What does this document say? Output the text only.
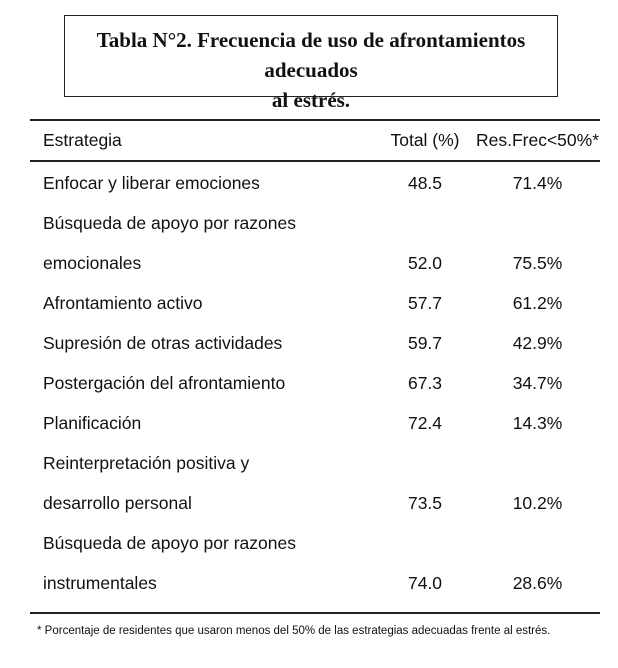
Tabla N°2. Frecuencia de uso de afrontamientos adecuados
al estrés.
Estrategia	Total (%) Res.Frec<50%*
Enfocar y liberar emociones	48.5	71.4%
Búsqueda de apoyo por razones
emocionales	52.0	75.5%
Afrontamiento activo	57.7	61.2%
Supresión de otras actividades	59.7	42.9%
Postergación del afrontamiento	67.3	34.7%
Planificación	72.4	14.3%
Reinterpretación positiva y
desarrollo personal	73.5	10.2%
Búsqueda de apoyo por razones
instrumentales	74.0	28.6%
* Porcentaje de residentes que usaron menos del 50% de las estrategias adecuadas frente al estrés.
